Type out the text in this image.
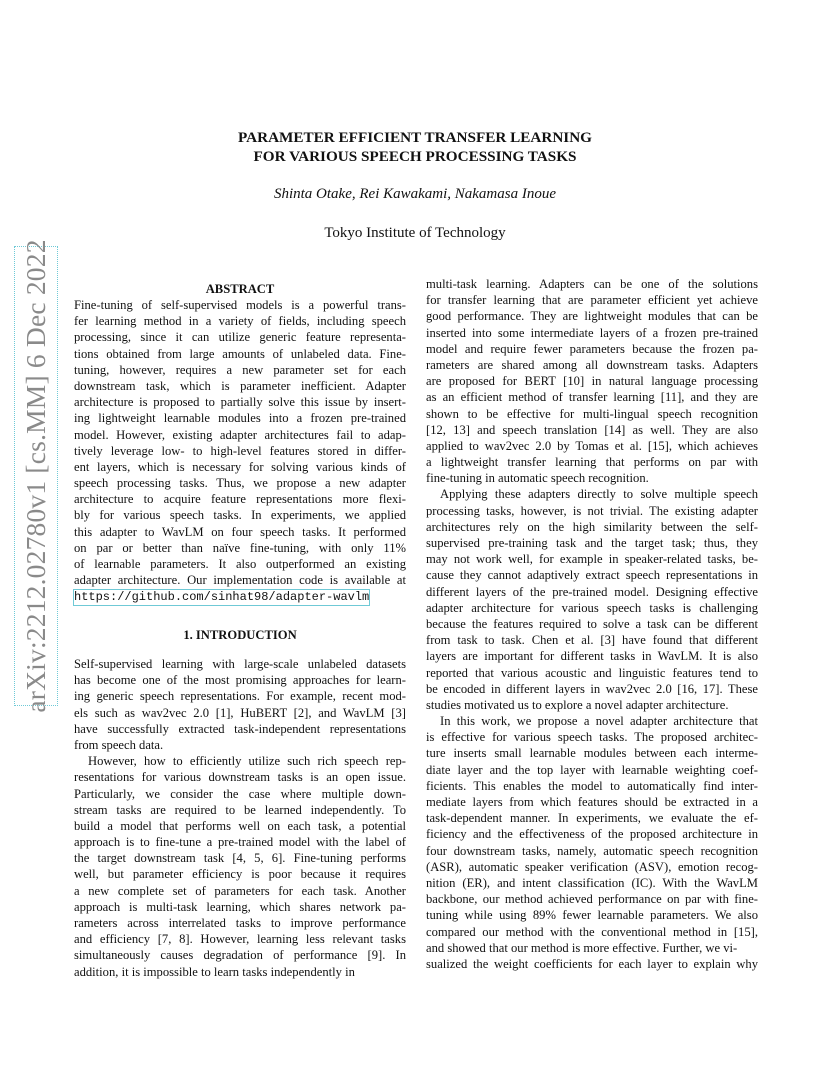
arXiv:2212.02780v1 [cs.MM] 6 Dec 2022
PARAMETER EFFICIENT TRANSFER LEARNING
FOR VARIOUS SPEECH PROCESSING TASKS
Shinta Otake, Rei Kawakami, Nakamasa Inoue
Tokyo Institute of Technology
ABSTRACT
Fine-tuning of self-supervised models is a powerful trans-
fer learning method in a variety of fields, including speech
processing, since it can utilize generic feature representa-
tions obtained from large amounts of unlabeled data. Fine-
tuning, however, requires a new parameter set for each
downstream task, which is parameter inefficient. Adapter
architecture is proposed to partially solve this issue by insert-
ing lightweight learnable modules into a frozen pre-trained
model. However, existing adapter architectures fail to adap-
tively leverage low- to high-level features stored in differ-
ent layers, which is necessary for solving various kinds of
speech processing tasks. Thus, we propose a new adapter
architecture to acquire feature representations more flexi-
bly for various speech tasks. In experiments, we applied
this adapter to WavLM on four speech tasks. It performed
on par or better than naïve fine-tuning, with only 11%
of learnable parameters. It also outperformed an existing
adapter architecture. Our implementation code is available at
https://github.com/sinhat98/adapter-wavlm
1. INTRODUCTION
Self-supervised learning with large-scale unlabeled datasets
has become one of the most promising approaches for learn-
ing generic speech representations. For example, recent mod-
els such as wav2vec 2.0 [1], HuBERT [2], and WavLM [3]
have successfully extracted task-independent representations
from speech data.
However, how to efficiently utilize such rich speech rep-
resentations for various downstream tasks is an open issue.
Particularly, we consider the case where multiple down-
stream tasks are required to be learned independently. To
build a model that performs well on each task, a potential
approach is to fine-tune a pre-trained model with the label of
the target downstream task [4, 5, 6]. Fine-tuning performs
well, but parameter efficiency is poor because it requires
a new complete set of parameters for each task. Another
approach is multi-task learning, which shares network pa-
rameters across interrelated tasks to improve performance
and efficiency [7, 8]. However, learning less relevant tasks
simultaneously causes degradation of performance [9]. In
addition, it is impossible to learn tasks independently in
multi-task learning. Adapters can be one of the solutions
for transfer learning that are parameter efficient yet achieve
good performance. They are lightweight modules that can be
inserted into some intermediate layers of a frozen pre-trained
model and require fewer parameters because the frozen pa-
rameters are shared among all downstream tasks. Adapters
are proposed for BERT [10] in natural language processing
as an efficient method of transfer learning [11], and they are
shown to be effective for multi-lingual speech recognition
[12, 13] and speech translation [14] as well. They are also
applied to wav2vec 2.0 by Tomas et al. [15], which achieves
a lightweight transfer learning that performs on par with
fine-tuning in automatic speech recognition.
Applying these adapters directly to solve multiple speech
processing tasks, however, is not trivial. The existing adapter
architectures rely on the high similarity between the self-
supervised pre-training task and the target task; thus, they
may not work well, for example in speaker-related tasks, be-
cause they cannot adaptively extract speech representations in
different layers of the pre-trained model. Designing effective
adapter architecture for various speech tasks is challenging
because the features required to solve a task can be different
from task to task. Chen et al. [3] have found that different
layers are important for different tasks in WavLM. It is also
reported that various acoustic and linguistic features tend to
be encoded in different layers in wav2vec 2.0 [16, 17]. These
studies motivated us to explore a novel adapter architecture.
In this work, we propose a novel adapter architecture that
is effective for various speech tasks. The proposed architec-
ture inserts small learnable modules between each interme-
diate layer and the top layer with learnable weighting coef-
ficients. This enables the model to automatically find inter-
mediate layers from which features should be extracted in a
task-dependent manner. In experiments, we evaluate the ef-
ficiency and the effectiveness of the proposed architecture in
four downstream tasks, namely, automatic speech recognition
(ASR), automatic speaker verification (ASV), emotion recog-
nition (ER), and intent classification (IC). With the WavLM
backbone, our method achieved performance on par with fine-
tuning while using 89% fewer learnable parameters. We also
compared our method with the conventional method in [15],
and showed that our method is more effective. Further, we vi-
sualized the weight coefficients for each layer to explain why
